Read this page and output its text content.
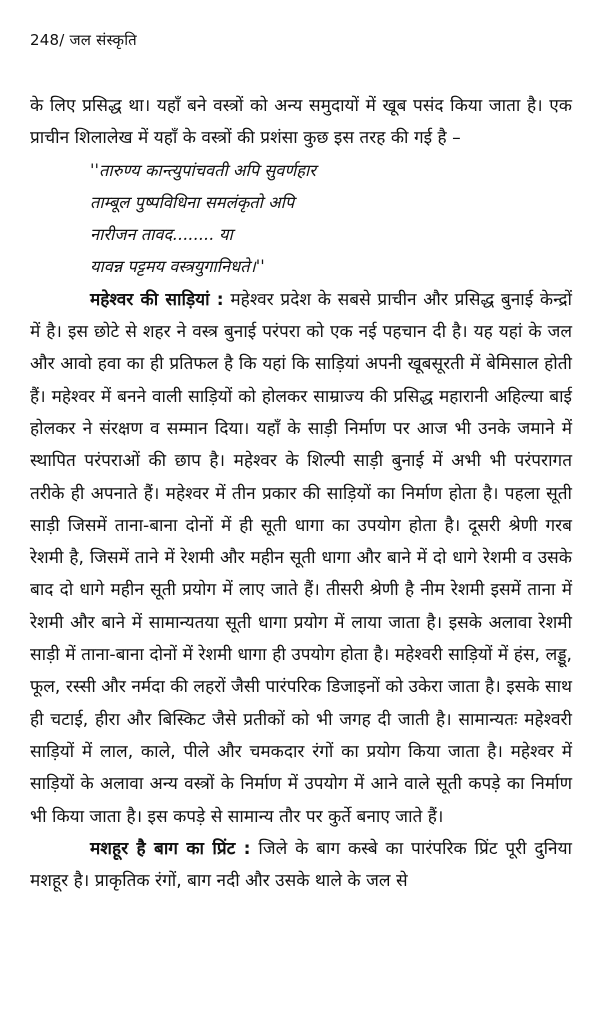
248/ जल संस्कृति

के लिए प्रसिद्ध था। यहाँ बने वस्त्रों को अन्य समुदायों में खूब पसंद किया जाता है। एक प्राचीन शिलालेख में यहाँ के वस्त्रों की प्रशंसा कुछ इस तरह की गई है –

''तारुण्य कान्त्युपांचवती अपि सुवर्णहार
ताम्बूल पुष्पविधिना समलंकृतो अपि
नारीजन तावद........ या
यावन्न पट्टमय वस्त्रयुगानिधते।''

महेश्वर की साड़ियां : महेश्वर प्रदेश के सबसे प्राचीन और प्रसिद्ध बुनाई केन्द्रों में है। इस छोटे से शहर ने वस्त्र बुनाई परंपरा को एक नई पहचान दी है। यह यहां के जल और आवो हवा का ही प्रतिफल है कि यहां कि साड़ियां अपनी खूबसूरती में बेमिसाल होती हैं। महेश्वर में बनने वाली साड़ियों को होलकर साम्राज्य की प्रसिद्ध महारानी अहिल्या बाई होलकर ने संरक्षण व सम्मान दिया। यहाँ के साड़ी निर्माण पर आज भी उनके जमाने में स्थापित परंपराओं की छाप है। महेश्वर के शिल्पी साड़ी बुनाई में अभी भी परंपरागत तरीके ही अपनाते हैं। महेश्वर में तीन प्रकार की साड़ियों का निर्माण होता है। पहला सूती साड़ी जिसमें ताना-बाना दोनों में ही सूती धागा का उपयोग होता है। दूसरी श्रेणी गरब रेशमी है, जिसमें ताने में रेशमी और महीन सूती धागा और बाने में दो धागे रेशमी व उसके बाद दो धागे महीन सूती प्रयोग में लाए जाते हैं। तीसरी श्रेणी है नीम रेशमी इसमें ताना में रेशमी और बाने में सामान्यतया सूती धागा प्रयोग में लाया जाता है। इसके अलावा रेशमी साड़ी में ताना-बाना दोनों में रेशमी धागा ही उपयोग होता है। महेश्वरी साड़ियों में हंस, लड्डू, फूल, रस्सी और नर्मदा की लहरों जैसी पारंपरिक डिजाइनों को उकेरा जाता है। इसके साथ ही चटाई, हीरा और बिस्किट जैसे प्रतीकों को भी जगह दी जाती है। सामान्यतः महेश्वरी साड़ियों में लाल, काले, पीले और चमकदार रंगों का प्रयोग किया जाता है। महेश्वर में साड़ियों के अलावा अन्य वस्त्रों के निर्माण में उपयोग में आने वाले सूती कपड़े का निर्माण भी किया जाता है। इस कपड़े से सामान्य तौर पर कुर्ते बनाए जाते हैं।

मशहूर है बाग का प्रिंट : जिले के बाग कस्बे का पारंपरिक प्रिंट पूरी दुनिया मशहूर है। प्राकृतिक रंगों, बाग नदी और उसके थाले के जल से
